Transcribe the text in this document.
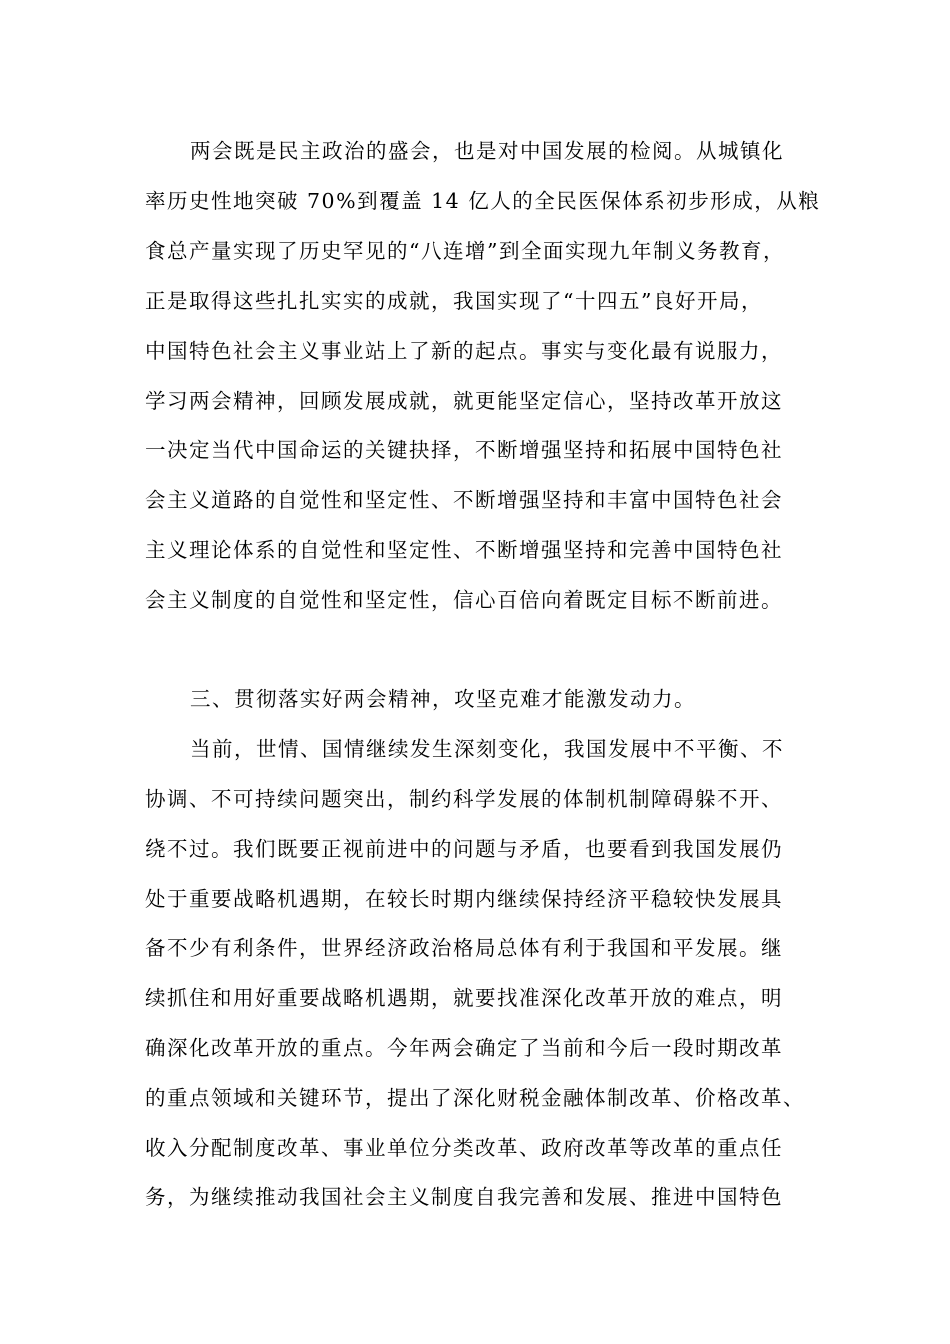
两会既是民主政治的盛会，也是对中国发展的检阅。从城镇化
率历史性地突破 70%到覆盖 14 亿人的全民医保体系初步形成，从粮
食总产量实现了历史罕见的“八连增”到全面实现九年制义务教育，
正是取得这些扎扎实实的成就，我国实现了“十四五”良好开局，
中国特色社会主义事业站上了新的起点。事实与变化最有说服力，
学习两会精神，回顾发展成就，就更能坚定信心，坚持改革开放这
一决定当代中国命运的关键抉择，不断增强坚持和拓展中国特色社
会主义道路的自觉性和坚定性、不断增强坚持和丰富中国特色社会
主义理论体系的自觉性和坚定性、不断增强坚持和完善中国特色社
会主义制度的自觉性和坚定性，信心百倍向着既定目标不断前进。
三、贯彻落实好两会精神，攻坚克难才能激发动力。
当前，世情、国情继续发生深刻变化，我国发展中不平衡、不
协调、不可持续问题突出，制约科学发展的体制机制障碍躲不开、
绕不过。我们既要正视前进中的问题与矛盾，也要看到我国发展仍
处于重要战略机遇期，在较长时期内继续保持经济平稳较快发展具
备不少有利条件，世界经济政治格局总体有利于我国和平发展。继
续抓住和用好重要战略机遇期，就要找准深化改革开放的难点，明
确深化改革开放的重点。今年两会确定了当前和今后一段时期改革
的重点领域和关键环节，提出了深化财税金融体制改革、价格改革、
收入分配制度改革、事业单位分类改革、政府改革等改革的重点任
务，为继续推动我国社会主义制度自我完善和发展、推进中国特色
